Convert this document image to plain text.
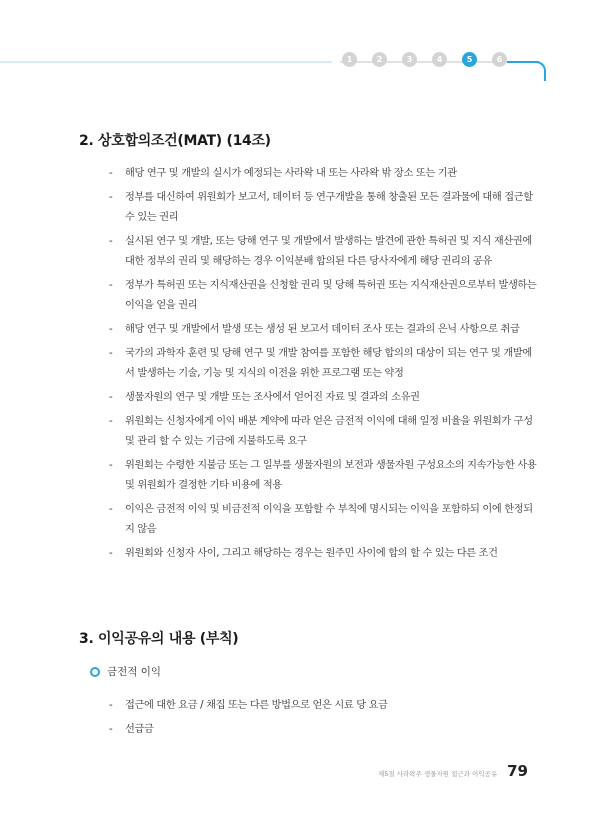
1	2	3	4	5	6
2. 상호합의조건(MAT) (14조)
- 해당 연구 및 개발의 실시가 예정되는 사라왁 내 또는 사라왁 밖 장소 또는 기관
- 정부를 대신하여 위원회가 보고서, 데이터 등 연구개발을 통해 창출된 모든 결과물에 대해 접근할 수 있는 권리
- 실시된 연구 및 개발, 또는 당해 연구 및 개발에서 발생하는 발견에 관한 특허권 및 지식 재산권에 대한 정부의 권리 및 해당하는 경우 이익분배 합의된 다른 당사자에게 해당 권리의 공유
- 정부가 특허권 또는 지식재산권을 신청할 권리 및 당해 특허권 또는 지식재산권으로부터 발생하는 이익을 얻을 권리
- 해당 연구 및 개발에서 발생 또는 생성 된 보고서 데이터 조사 또는 결과의 은닉 사항으로 취급
- 국가의 과학자 훈련 및 당해 연구 및 개발 참여를 포함한 해당 합의의 대상이 되는 연구 및 개발에서 발생하는 기술, 기능 및 지식의 이전을 위한 프로그램 또는 약정
- 생물자원의 연구 및 개발 또는 조사에서 얻어진 자료 및 결과의 소유권
- 위원회는 신청자에게 이익 배분 계약에 따라 얻은 금전적 이익에 대해 일정 비율을 위원회가 구성 및 관리 할 수 있는 기금에 지불하도록 요구
- 위원회는 수령한 지불금 또는 그 일부를 생물자원의 보전과 생물자원 구성요소의 지속가능한 사용 및 위원회가 결정한 기타 비용에 적용
- 이익은 금전적 이익 및 비금전적 이익을 포함할 수 부칙에 명시되는 이익을 포함하되 이에 한정되지 않음
- 위원회와 신청자 사이, 그리고 해당하는 경우는 원주민 사이에 합의 할 수 있는 다른 조건
3. 이익공유의 내용 (부칙)
금전적 이익
- 접근에 대한 요금 / 채집 또는 다른 방법으로 얻은 시료 당 요금
- 선급금
제5절 사라왁주 생물자원 접근과 이익공유 79
